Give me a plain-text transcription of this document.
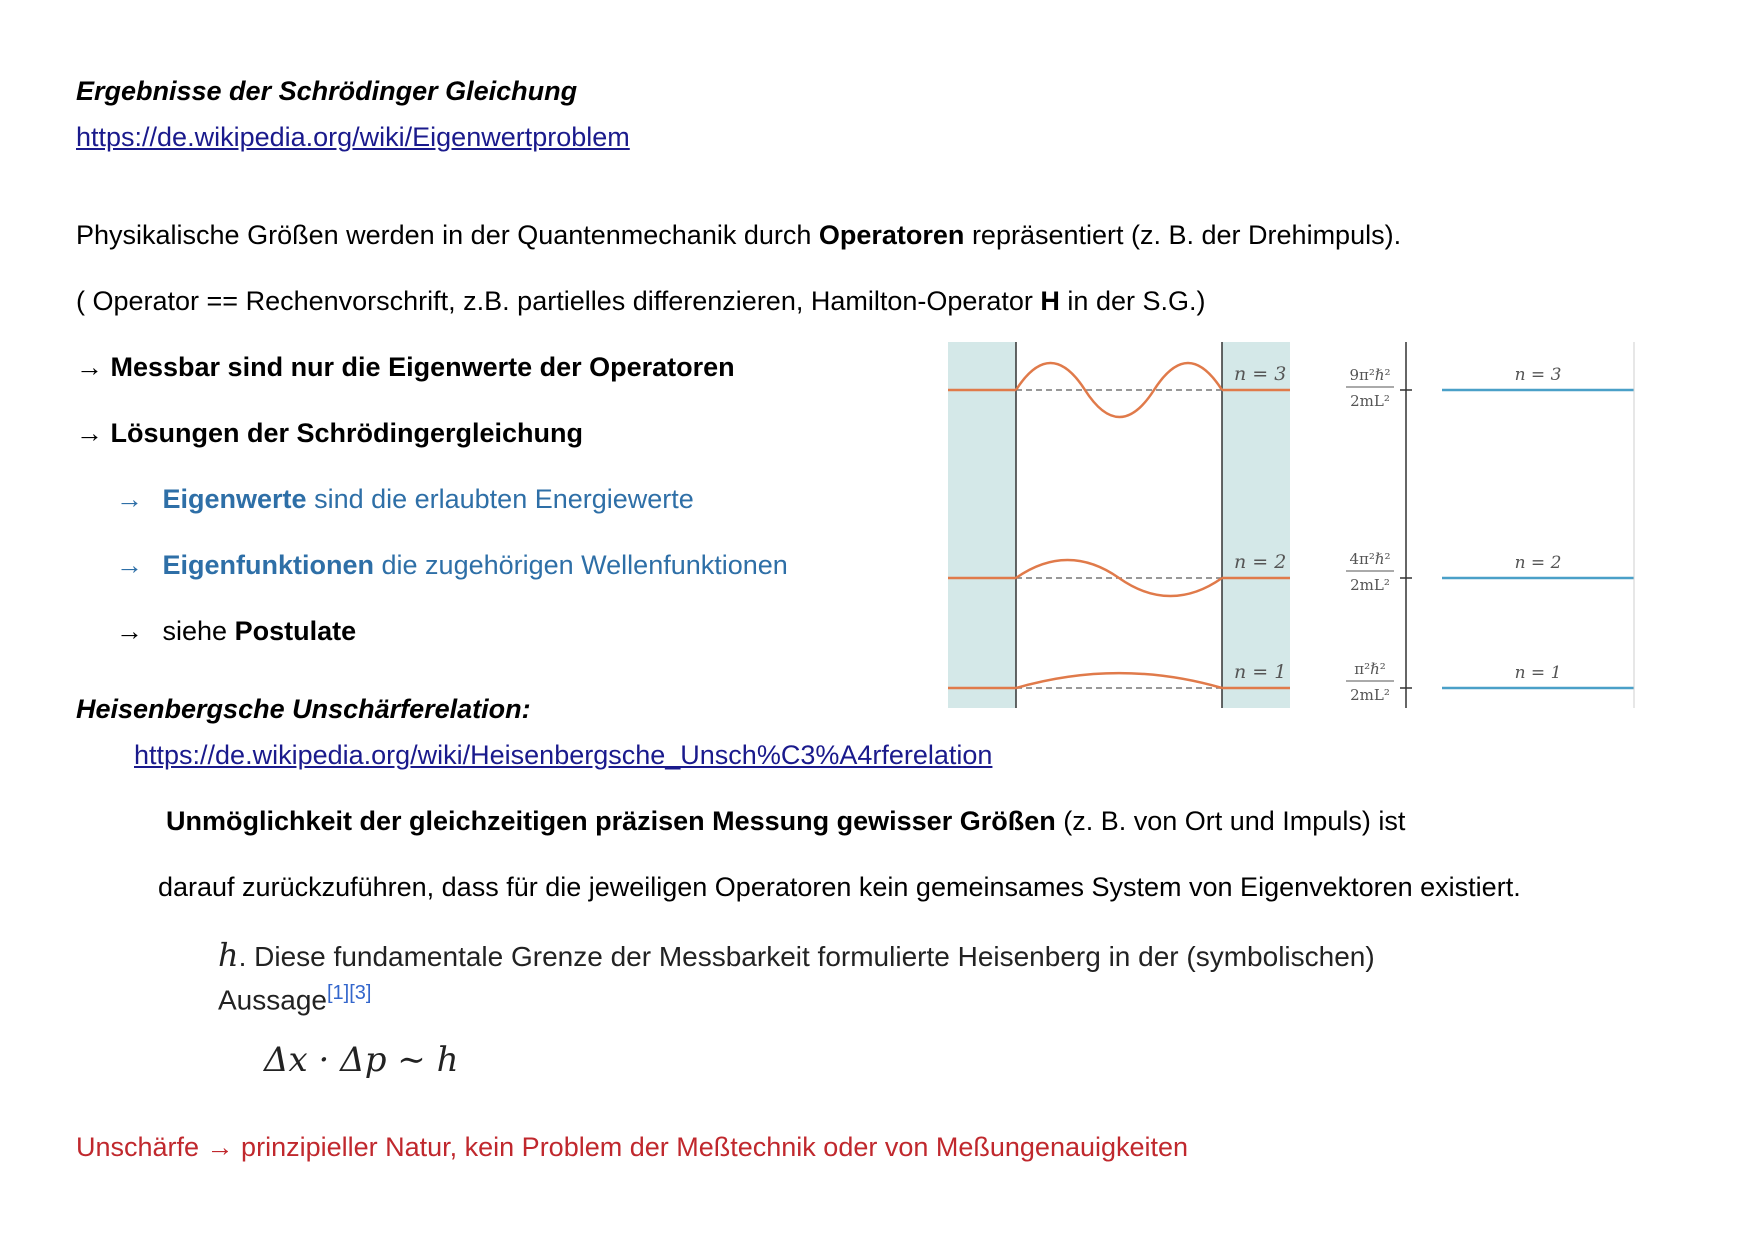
Ergebnisse der Schrödinger Gleichung
https://de.wikipedia.org/wiki/Eigenwertproblem
Physikalische Größen werden in der Quantenmechanik durch Operatoren repräsentiert (z. B. der Drehimpuls).
( Operator == Rechenvorschrift, z.B. partielles differenzieren, Hamilton-Operator H in der S.G.)
→ Messbar sind nur die Eigenwerte der Operatoren
→ Lösungen der Schrödingergleichung
→ Eigenwerte sind die erlaubten Energiewerte
→ Eigenfunktionen die zugehörigen Wellenfunktionen
→ siehe Postulate
n = 3
n = 2
n = 1
9π²ℏ²
2mL²
4π²ℏ²
2mL²
π²ℏ²
2mL²
n = 3
n = 2
n = 1
Heisenbergsche Unschärferelation:
https://de.wikipedia.org/wiki/Heisenbergsche_Unsch%C3%A4rferelation
Unmöglichkeit der gleichzeitigen präzisen Messung gewisser Größen (z. B. von Ort und Impuls) ist
darauf zurückzuführen, dass für die jeweiligen Operatoren kein gemeinsames System von Eigenvektoren existiert.
h. Diese fundamentale Grenze der Messbarkeit formulierte Heisenberg in der (symbolischen)
Aussage[1][3]
Δx · Δp ∼ h
Unschärfe → prinzipieller Natur, kein Problem der Meßtechnik oder von Meßungenauigkeiten
